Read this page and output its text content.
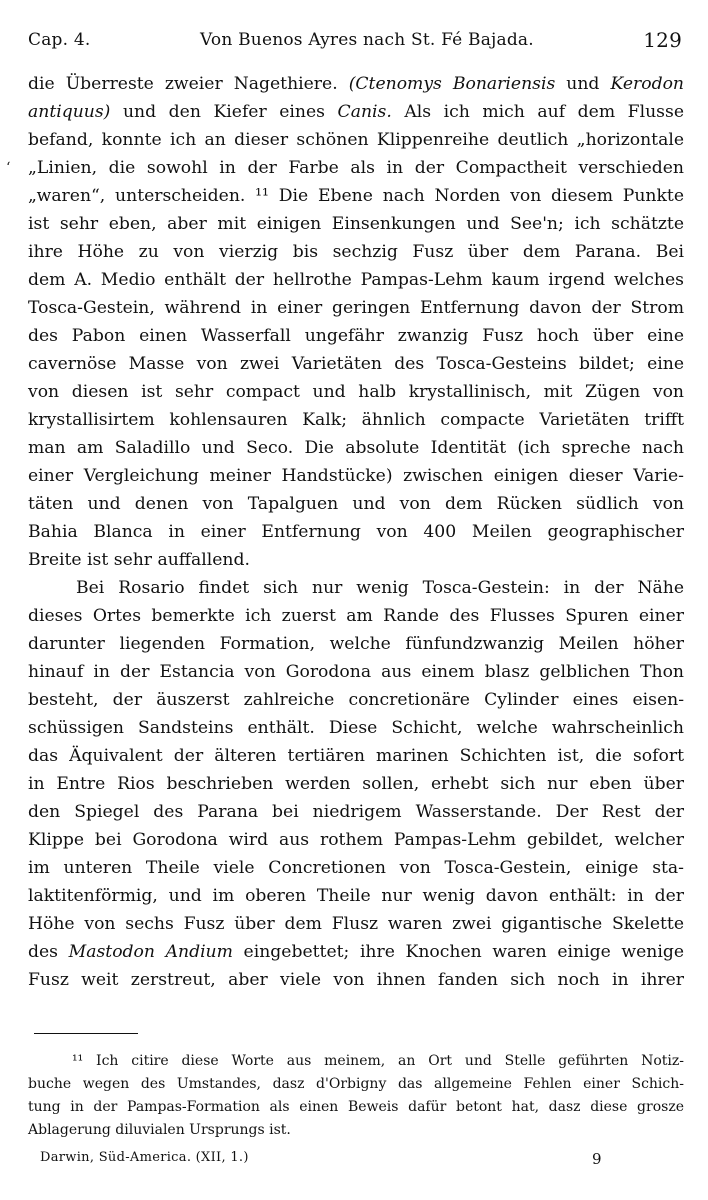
Cap. 4.	Von Buenos Ayres nach St. Fé Bajada.	129
ʻ
die Überreste zweier Nagethiere. (Ctenomys Bonariensis und Kerodon
antiquus) und den Kiefer eines Canis. Als ich mich auf dem Flusse
befand, konnte ich an dieser schönen Klippenreihe deutlich „horizontale
„Linien, die sowohl in der Farbe als in der Compactheit verschieden
„waren“, unterscheiden. ¹¹ Die Ebene nach Norden von diesem Punkte
ist sehr eben, aber mit einigen Einsenkungen und See'n; ich schätzte
ihre Höhe zu von vierzig bis sechzig Fusz über dem Parana. Bei
dem A. Medio enthält der hellrothe Pampas-Lehm kaum irgend welches
Tosca-Gestein, während in einer geringen Entfernung davon der Strom
des Pabon einen Wasserfall ungefähr zwanzig Fusz hoch über eine
cavernöse Masse von zwei Varietäten des Tosca-Gesteins bildet; eine
von diesen ist sehr compact und halb krystallinisch, mit Zügen von
krystallisirtem kohlensauren Kalk; ähnlich compacte Varietäten trifft
man am Saladillo und Seco. Die absolute Identität (ich spreche nach
einer Vergleichung meiner Handstücke) zwischen einigen dieser Varie-
täten und denen von Tapalguen und von dem Rücken südlich von
Bahia Blanca in einer Entfernung von 400 Meilen geographischer
Breite ist sehr auffallend.
Bei Rosario findet sich nur wenig Tosca-Gestein: in der Nähe
dieses Ortes bemerkte ich zuerst am Rande des Flusses Spuren einer
darunter liegenden Formation, welche fünfundzwanzig Meilen höher
hinauf in der Estancia von Gorodona aus einem blasz gelblichen Thon
besteht, der äuszerst zahlreiche concretionäre Cylinder eines eisen-
schüssigen Sandsteins enthält. Diese Schicht, welche wahrscheinlich
das Äquivalent der älteren tertiären marinen Schichten ist, die sofort
in Entre Rios beschrieben werden sollen, erhebt sich nur eben über
den Spiegel des Parana bei niedrigem Wasserstande. Der Rest der
Klippe bei Gorodona wird aus rothem Pampas-Lehm gebildet, welcher
im unteren Theile viele Concretionen von Tosca-Gestein, einige sta-
laktitenförmig, und im oberen Theile nur wenig davon enthält: in der
Höhe von sechs Fusz über dem Flusz waren zwei gigantische Skelette
des Mastodon Andium eingebettet; ihre Knochen waren einige wenige
Fusz weit zerstreut, aber viele von ihnen fanden sich noch in ihrer
¹¹ Ich citire diese Worte aus meinem, an Ort und Stelle geführten Notiz-
buche wegen des Umstandes, dasz d'Orbigny das allgemeine Fehlen einer Schich-
tung in der Pampas-Formation als einen Beweis dafür betont hat, dasz diese grosze
Ablagerung diluvialen Ursprungs ist.
Darwin, Süd-America. (XII, 1.)	9
